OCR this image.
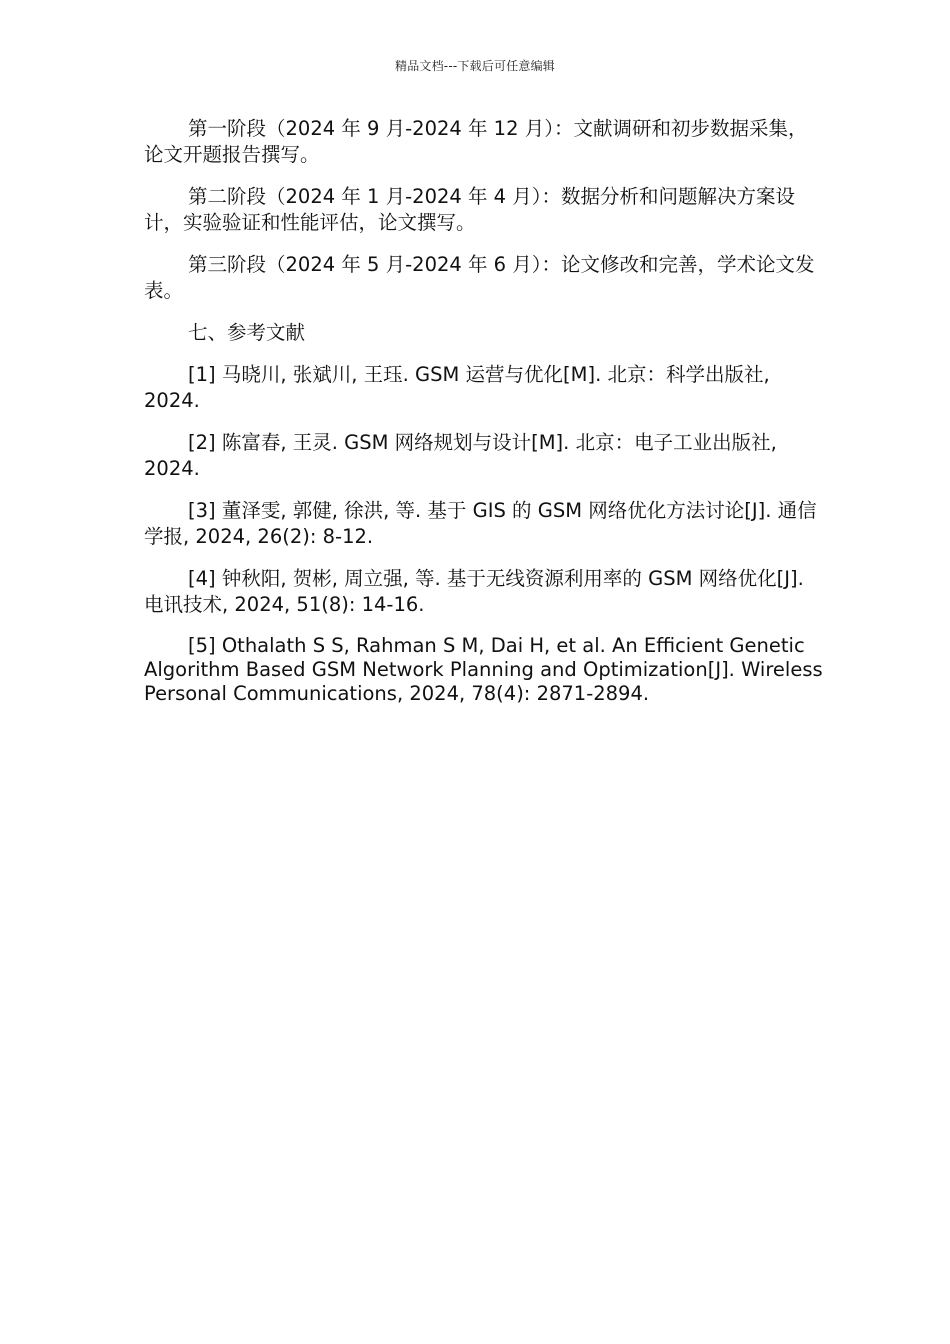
精品文档---下载后可任意编辑

第一阶段（2024 年 9 月-2024 年 12 月）：文献调研和初步数据采集，论文开题报告撰写。

第二阶段（2024 年 1 月-2024 年 4 月）：数据分析和问题解决方案设计，实验验证和性能评估，论文撰写。

第三阶段（2024 年 5 月-2024 年 6 月）：论文修改和完善，学术论文发表。

七、参考文献

[1] 马晓川, 张斌川, 王珏. GSM 运营与优化[M]. 北京：科学出版社, 2024.

[2] 陈富春, 王灵. GSM 网络规划与设计[M]. 北京：电子工业出版社, 2024.

[3] 董泽雯, 郭健, 徐洪, 等. 基于 GIS 的 GSM 网络优化方法讨论[J]. 通信学报, 2024, 26(2): 8-12.

[4] 钟秋阳, 贺彬, 周立强, 等. 基于无线资源利用率的 GSM 网络优化[J]. 电讯技术, 2024, 51(8): 14-16.

[5] Othalath S S, Rahman S M, Dai H, et al. An Efficient Genetic Algorithm Based GSM Network Planning and Optimization[J]. Wireless Personal Communications, 2024, 78(4): 2871-2894.
